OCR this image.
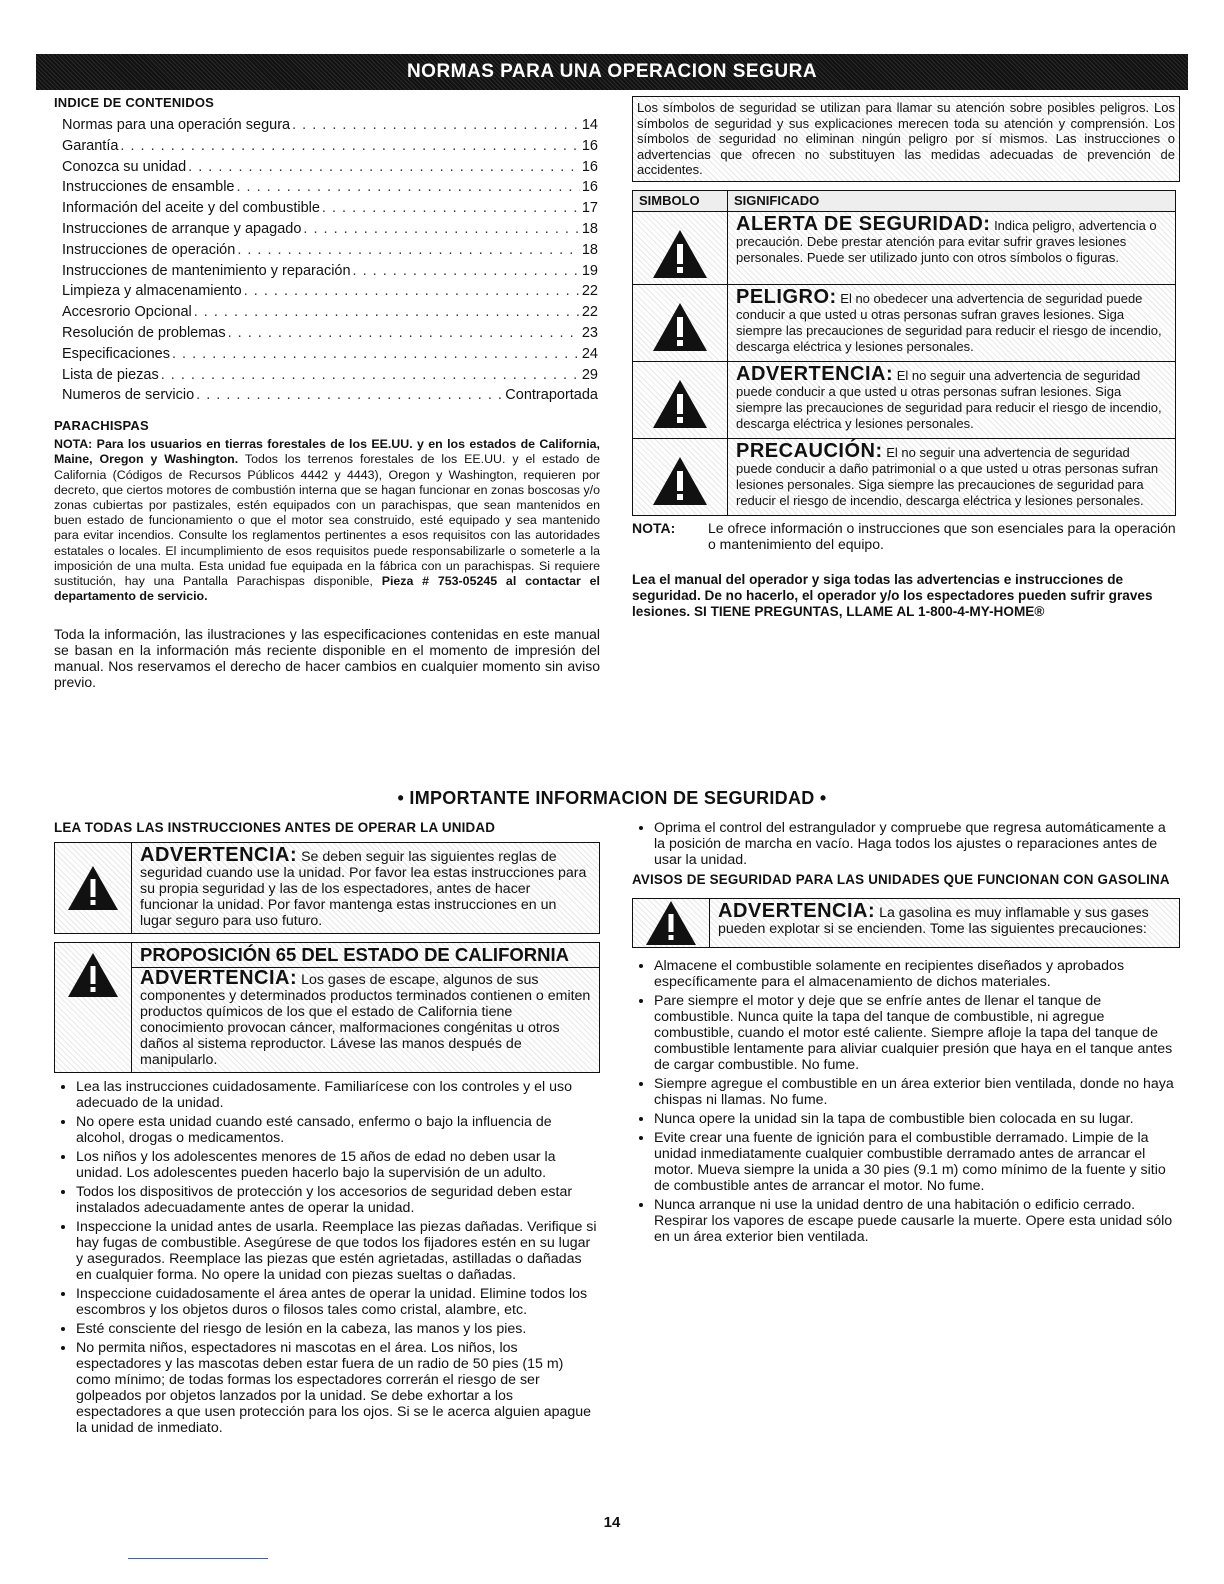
NORMAS PARA UNA OPERACION SEGURA
INDICE DE CONTENIDOS
Normas para una operación segura . . .	14
Garantía . . .	16
Conozca su unidad . . .	16
Instrucciones de ensamble . . .	16
Información del aceite y del combustible . . .	17
Instrucciones de arranque y apagado . . .	18
Instrucciones de operación . . .	18
Instrucciones de mantenimiento y reparación . . .	19
Limpieza y almacenamiento . . .	22
Accesrorio Opcional . . .	22
Resolución de problemas . . .	23
Especificaciones . . .	24
Lista de piezas . . .	29
Numeros de servicio . . .	Contraportada
PARACHISPAS

NOTA: Para los usuarios en tierras forestales de los EE.UU. y en los estados de California, Maine, Oregon y Washington. Todos los terrenos forestales de los EE.UU. y el estado de California (Códigos de Recursos Públicos 4442 y 4443), Oregon y Washington, requieren por decreto, que ciertos motores de combustión interna que se hagan funcionar en zonas boscosas y/o zonas cubiertas por pastizales, estén equipados con un parachispas, que sean mantenidos en buen estado de funcionamiento o que el motor sea construido, esté equipado y sea mantenido para evitar incendios. Consulte los reglamentos pertinentes a esos requisitos con las autoridades estatales o locales. El incumplimiento de esos requisitos puede responsabilizarle o someterle a la imposición de una multa. Esta unidad fue equipada en la fábrica con un parachispas. Si requiere sustitución, hay una Pantalla Parachispas disponible, Pieza # 753-05245 al contactar el departamento de servicio.

Toda la información, las ilustraciones y las especificaciones contenidas en este manual se basan en la información más reciente disponible en el momento de impresión del manual. Nos reservamos el derecho de hacer cambios en cualquier momento sin aviso previo.

Los símbolos de seguridad se utilizan para llamar su atención sobre posibles peligros. Los símbolos de seguridad y sus explicaciones merecen toda su atención y comprensión. Los símbolos de seguridad no eliminan ningún peligro por sí mismos. Las instrucciones o advertencias que ofrecen no substituyen las medidas adecuadas de prevención de accidentes.
SIMBOLO	SIGNIFICADO
	ALERTA DE SEGURIDAD: Indica peligro, advertencia o precaución. Debe prestar atención para evitar sufrir graves lesiones personales. Puede ser utilizado junto con otros símbolos o figuras.
	PELIGRO: El no obedecer una advertencia de seguridad puede conducir a que usted u otras personas sufran graves lesiones. Siga siempre las precauciones de seguridad para reducir el riesgo de incendio, descarga eléctrica y lesiones personales.
	ADVERTENCIA: El no seguir una advertencia de seguridad puede conducir a que usted u otras personas sufran lesiones. Siga siempre las precauciones de seguridad para reducir el riesgo de incendio, descarga eléctrica y lesiones personales.
	PRECAUCIÓN: El no seguir una advertencia de seguridad puede conducir a daño patrimonial o a que usted u otras personas sufran lesiones personales. Siga siempre las precauciones de seguridad para reducir el riesgo de incendio, descarga eléctrica y lesiones personales.
NOTA:	Le ofrece información o instrucciones que son esenciales para la operación o mantenimiento del equipo.

Lea el manual del operador y siga todas las advertencias e instrucciones de seguridad. De no hacerlo, el operador y/o los espectadores pueden sufrir graves lesiones. SI TIENE PREGUNTAS, LLAME AL 1-800-4-MY-HOME®

• IMPORTANTE INFORMACION DE SEGURIDAD •
LEA TODAS LAS INSTRUCCIONES ANTES DE OPERAR LA UNIDAD
ADVERTENCIA: Se deben seguir las siguientes reglas de seguridad cuando use la unidad. Por favor lea estas instrucciones para su propia seguridad y las de los espectadores, antes de hacer funcionar la unidad. Por favor mantenga estas instrucciones en un lugar seguro para uso futuro.
PROPOSICIÓN 65 DEL ESTADO DE CALIFORNIA
ADVERTENCIA: Los gases de escape, algunos de sus componentes y determinados productos terminados contienen o emiten productos químicos de los que el estado de California tiene conocimiento provocan cáncer, malformaciones congénitas u otros daños al sistema reproductor. Lávese las manos después de manipularlo.
• Lea las instrucciones cuidadosamente. Familiarícese con los controles y el uso adecuado de la unidad.
• No opere esta unidad cuando esté cansado, enfermo o bajo la influencia de alcohol, drogas o medicamentos.
• Los niños y los adolescentes menores de 15 años de edad no deben usar la unidad. Los adolescentes pueden hacerlo bajo la supervisión de un adulto.
• Todos los dispositivos de protección y los accesorios de seguridad deben estar instalados adecuadamente antes de operar la unidad.
• Inspeccione la unidad antes de usarla. Reemplace las piezas dañadas. Verifique si hay fugas de combustible. Asegúrese de que todos los fijadores estén en su lugar y asegurados. Reemplace las piezas que estén agrietadas, astilladas o dañadas en cualquier forma. No opere la unidad con piezas sueltas o dañadas.
• Inspeccione cuidadosamente el área antes de operar la unidad. Elimine todos los escombros y los objetos duros o filosos tales como cristal, alambre, etc.
• Esté consciente del riesgo de lesión en la cabeza, las manos y los pies.
• No permita niños, espectadores ni mascotas en el área. Los niños, los espectadores y las mascotas deben estar fuera de un radio de 50 pies (15 m) como mínimo; de todas formas los espectadores correrán el riesgo de ser golpeados por objetos lanzados por la unidad. Se debe exhortar a los espectadores a que usen protección para los ojos. Si se le acerca alguien apague la unidad de inmediato.
• Oprima el control del estrangulador y compruebe que regresa automáticamente a la posición de marcha en vacío. Haga todos los ajustes o reparaciones antes de usar la unidad.
AVISOS DE SEGURIDAD PARA LAS UNIDADES QUE FUNCIONAN CON GASOLINA
ADVERTENCIA: La gasolina es muy inflamable y sus gases pueden explotar si se encienden. Tome las siguientes precauciones:
• Almacene el combustible solamente en recipientes diseñados y aprobados específicamente para el almacenamiento de dichos materiales.
• Pare siempre el motor y deje que se enfríe antes de llenar el tanque de combustible. Nunca quite la tapa del tanque de combustible, ni agregue combustible, cuando el motor esté caliente. Siempre afloje la tapa del tanque de combustible lentamente para aliviar cualquier presión que haya en el tanque antes de cargar combustible. No fume.
• Siempre agregue el combustible en un área exterior bien ventilada, donde no haya chispas ni llamas. No fume.
• Nunca opere la unidad sin la tapa de combustible bien colocada en su lugar.
• Evite crear una fuente de ignición para el combustible derramado. Limpie de la unidad inmediatamente cualquier combustible derramado antes de arrancar el motor. Mueva siempre la unida a 30 pies (9.1 m) como mínimo de la fuente y sitio de combustible antes de arrancar el motor. No fume.
• Nunca arranque ni use la unidad dentro de una habitación o edificio cerrado. Respirar los vapores de escape puede causarle la muerte. Opere esta unidad sólo en un área exterior bien ventilada.
14
